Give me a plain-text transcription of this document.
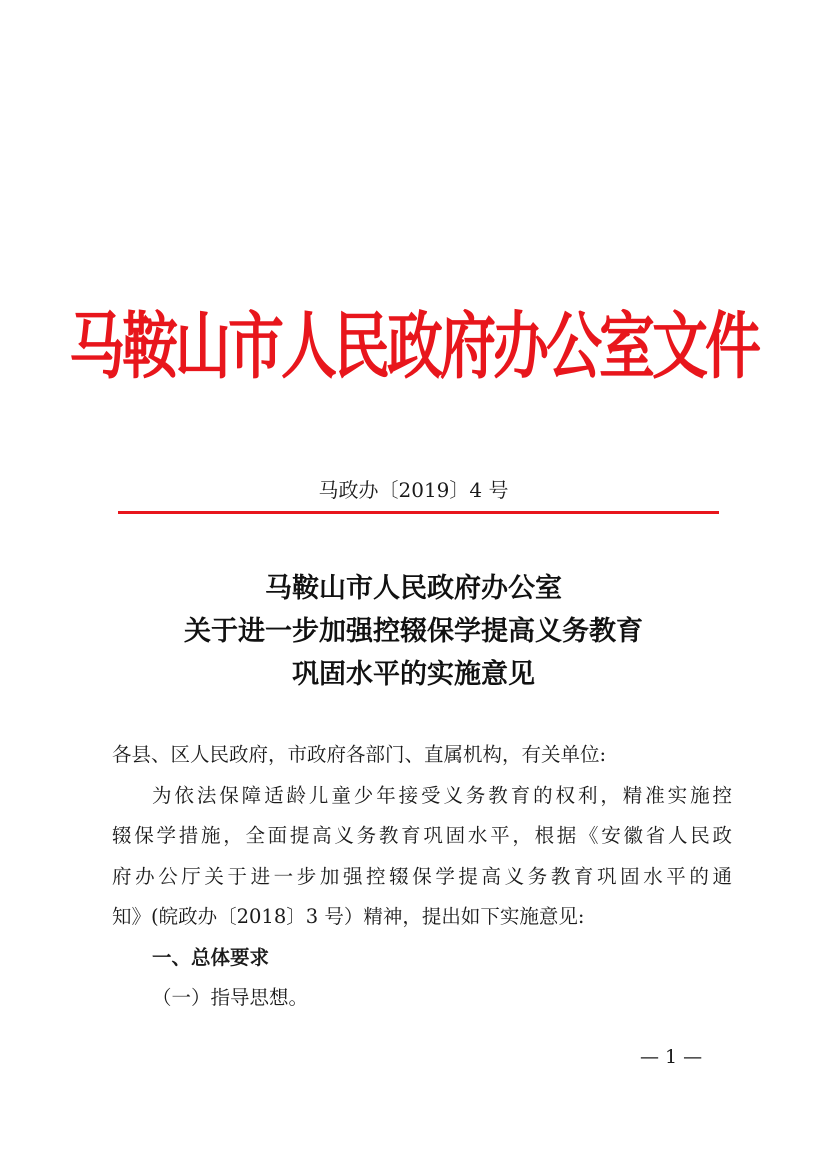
马鞍山市人民政府办公室文件
马政办〔2019〕4 号
马鞍山市人民政府办公室
关于进一步加强控辍保学提高义务教育
巩固水平的实施意见
各县、区人民政府，市政府各部门、直属机构，有关单位:
为依法保障适龄儿童少年接受义务教育的权利，精准实施控
辍保学措施，全面提高义务教育巩固水平，根据《安徽省人民政
府办公厅关于进一步加强控辍保学提高义务教育巩固水平的通
知》(皖政办〔2018〕3 号）精神，提出如下实施意见:
一、总体要求
（一）指导思想。
— 1 —
